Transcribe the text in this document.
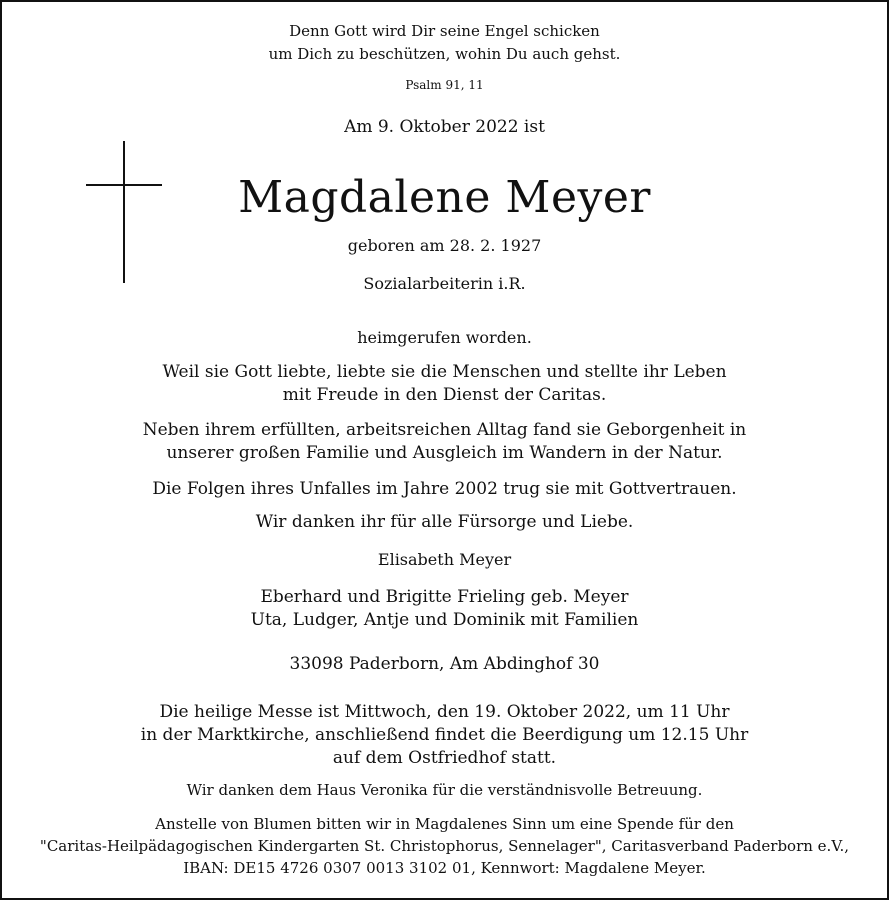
Denn Gott wird Dir seine Engel schicken
um Dich zu beschützen, wohin Du auch gehst.
Psalm 91, 11
Am 9. Oktober 2022 ist
Magdalene Meyer
geboren am 28. 2. 1927
Sozialarbeiterin i.R.
heimgerufen worden.
Weil sie Gott liebte, liebte sie die Menschen und stellte ihr Leben
mit Freude in den Dienst der Caritas.
Neben ihrem erfüllten, arbeitsreichen Alltag fand sie Geborgenheit in
unserer großen Familie und Ausgleich im Wandern in der Natur.
Die Folgen ihres Unfalles im Jahre 2002 trug sie mit Gottvertrauen.
Wir danken ihr für alle Fürsorge und Liebe.
Elisabeth Meyer
Eberhard und Brigitte Frieling geb. Meyer
Uta, Ludger, Antje und Dominik mit Familien
33098 Paderborn, Am Abdinghof 30
Die heilige Messe ist Mittwoch, den 19. Oktober 2022, um 11 Uhr
in der Marktkirche, anschließend findet die Beerdigung um 12.15 Uhr
auf dem Ostfriedhof statt.
Wir danken dem Haus Veronika für die verständnisvolle Betreuung.
Anstelle von Blumen bitten wir in Magdalenes Sinn um eine Spende für den
"Caritas-Heilpädagogischen Kindergarten St. Christophorus, Sennelager", Caritasverband Paderborn e.V.,
IBAN: DE15 4726 0307 0013 3102 01, Kennwort: Magdalene Meyer.
